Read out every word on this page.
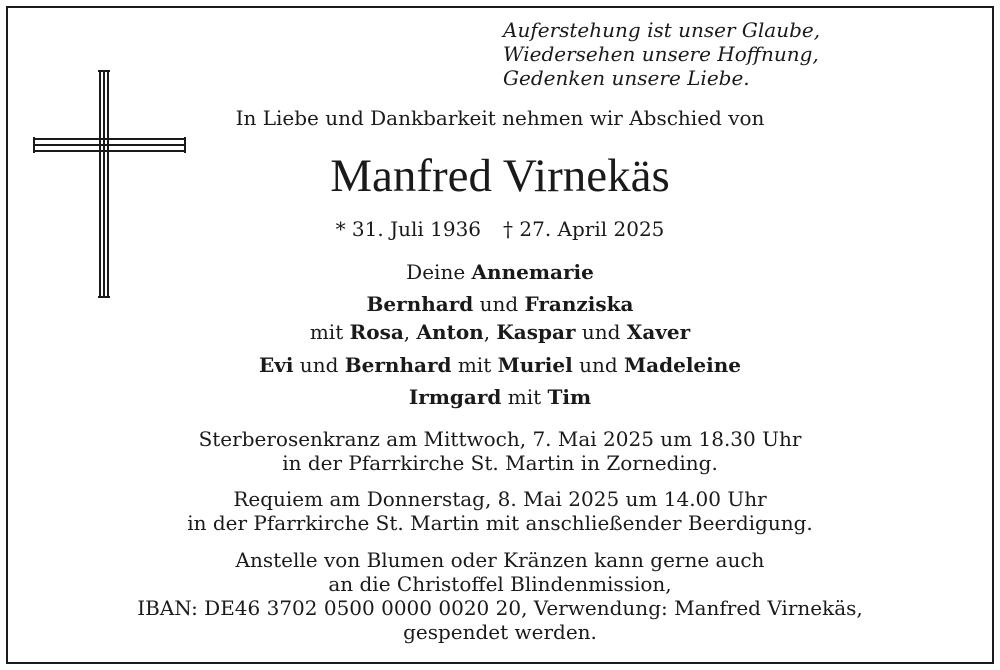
Auferstehung ist unser Glaube,
Wiedersehen unsere Hoffnung,
Gedenken unsere Liebe.
In Liebe und Dankbarkeit nehmen wir Abschied von
Manfred Virnekäs
* 31. Juli 1936 † 27. April 2025
Deine Annemarie
Bernhard und Franziska
mit Rosa, Anton, Kaspar und Xaver
Evi und Bernhard mit Muriel und Madeleine
Irmgard mit Tim
Sterberosenkranz am Mittwoch, 7. Mai 2025 um 18.30 Uhr
in der Pfarrkirche St. Martin in Zorneding.
Requiem am Donnerstag, 8. Mai 2025 um 14.00 Uhr
in der Pfarrkirche St. Martin mit anschließender Beerdigung.
Anstelle von Blumen oder Kränzen kann gerne auch
an die Christoffel Blindenmission,
IBAN: DE46 3702 0500 0000 0020 20, Verwendung: Manfred Virnekäs,
gespendet werden.
